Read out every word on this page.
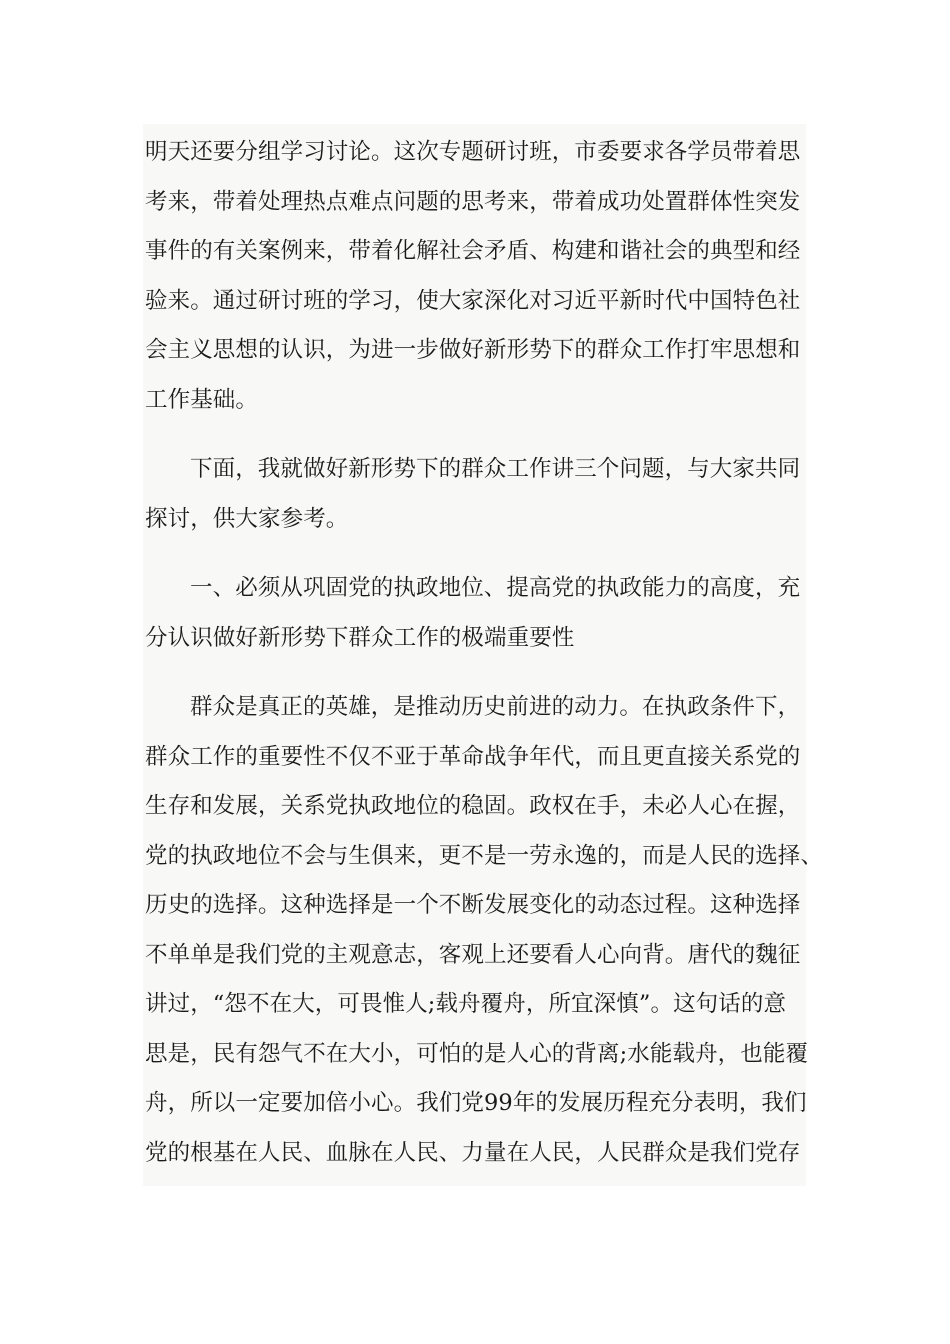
明天还要分组学习讨论。这次专题研讨班，市委要求各学员带着思
考来，带着处理热点难点问题的思考来，带着成功处置群体性突发
事件的有关案例来，带着化解社会矛盾、构建和谐社会的典型和经
验来。通过研讨班的学习，使大家深化对习近平新时代中国特色社
会主义思想的认识，为进一步做好新形势下的群众工作打牢思想和
工作基础。
下面，我就做好新形势下的群众工作讲三个问题，与大家共同
探讨，供大家参考。
一、必须从巩固党的执政地位、提高党的执政能力的高度，充
分认识做好新形势下群众工作的极端重要性
群众是真正的英雄，是推动历史前进的动力。在执政条件下，
群众工作的重要性不仅不亚于革命战争年代，而且更直接关系党的
生存和发展，关系党执政地位的稳固。政权在手，未必人心在握，
党的执政地位不会与生俱来，更不是一劳永逸的，而是人民的选择、
历史的选择。这种选择是一个不断发展变化的动态过程。这种选择
不单单是我们党的主观意志，客观上还要看人心向背。唐代的魏征
讲过，“怨不在大，可畏惟人;载舟覆舟，所宜深慎”。这句话的意
思是，民有怨气不在大小，可怕的是人心的背离;水能载舟，也能覆
舟，所以一定要加倍小心。我们党99年的发展历程充分表明，我们
党的根基在人民、血脉在人民、力量在人民，人民群众是我们党存
